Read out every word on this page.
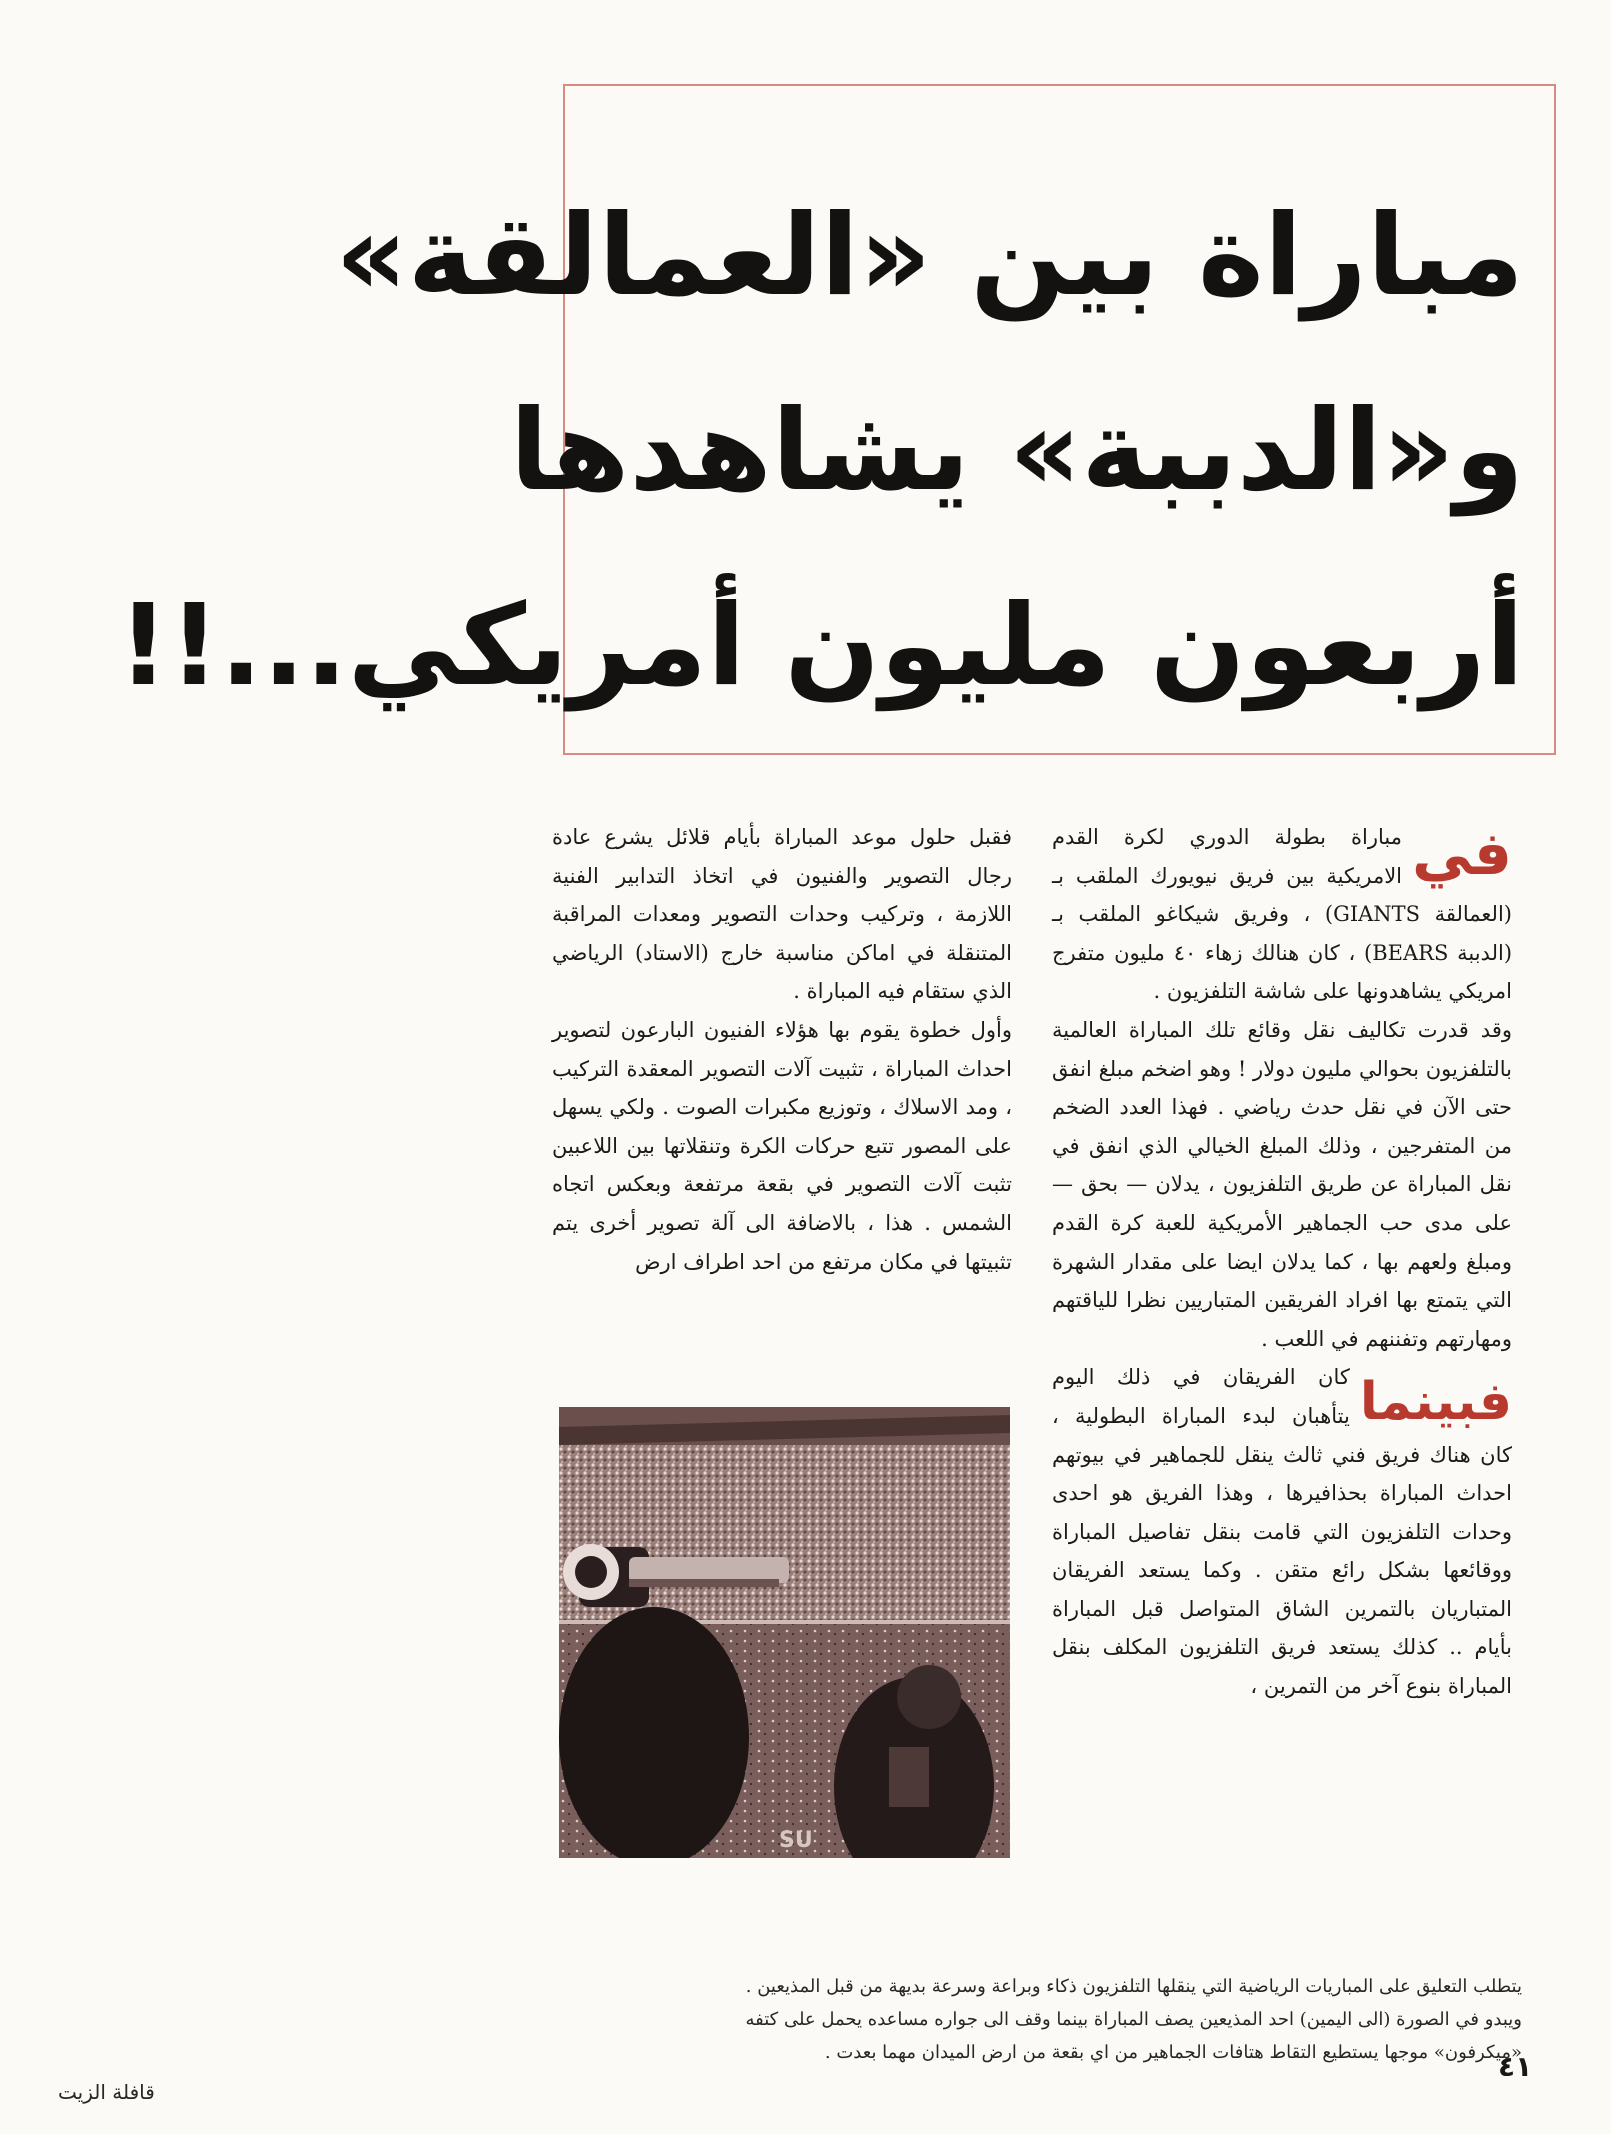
مباراة بين «العمالقة»
و«الدببة» يشاهدها
أربعون مليون أمريكي...!!

في
مباراة بطولة الدوري لكرة القدم الامريكية بين فريق نيويورك الملقب بـ (العمالقة GIANTS) ، وفريق شيكاغو الملقب بـ (الدببة BEARS) ، كان هنالك زهاء ٤٠ مليون متفرج امريكي يشاهدونها على شاشة التلفزيون .

وقد قدرت تكاليف نقل وقائع تلك المباراة العالمية بالتلفزيون بحوالي مليون دولار ! وهو اضخم مبلغ انفق حتى الآن في نقل حدث رياضي . فهذا العدد الضخم من المتفرجين ، وذلك المبلغ الخيالي الذي انفق في نقل المباراة عن طريق التلفزيون ، يدلان — بحق — على مدى حب الجماهير الأمريكية للعبة كرة القدم ومبلغ ولعهم بها ، كما يدلان ايضا على مقدار الشهرة التي يتمتع بها افراد الفريقين المتباريين نظرا للياقتهم ومهارتهم وتفننهم في اللعب .

فبينما
كان الفريقان في ذلك اليوم يتأهبان لبدء المباراة البطولية ، كان هناك فريق فني ثالث ينقل للجماهير في بيوتهم احداث المباراة بحذافيرها ، وهذا الفريق هو احدى وحدات التلفزيون التي قامت بنقل تفاصيل المباراة ووقائعها بشكل رائع متقن . وكما يستعد الفريقان المتباريان بالتمرين الشاق المتواصل قبل المباراة بأيام .. كذلك يستعد فريق التلفزيون المكلف بنقل المباراة بنوع آخر من التمرين ،

فقبل حلول موعد المباراة بأيام قلائل يشرع عادة رجال التصوير والفنيون في اتخاذ التدابير الفنية اللازمة ، وتركيب وحدات التصوير ومعدات المراقبة المتنقلة في اماكن مناسبة خارج (الاستاد) الرياضي الذي ستقام فيه المباراة .

وأول خطوة يقوم بها هؤلاء الفنيون البارعون لتصوير احداث المباراة ، تثبيت آلات التصوير المعقدة التركيب ، ومد الاسلاك ، وتوزيع مكبرات الصوت . ولكي يسهل على المصور تتبع حركات الكرة وتنقلاتها بين اللاعبين تثبت آلات التصوير في بقعة مرتفعة وبعكس اتجاه الشمس . هذا ، بالاضافة الى آلة تصوير أخرى يتم تثبيتها في مكان مرتفع من احد اطراف ارض

SU

يتطلب التعليق على المباريات الرياضية التي ينقلها التلفزيون ذكاء وبراعة وسرعة بديهة من قبل المذيعين .

ويبدو في الصورة (الى اليمين) احد المذيعين يصف المباراة بينما وقف الى جواره مساعده يحمل على كتفه

«ميكرفون» موجها يستطيع التقاط هتافات الجماهير من اي بقعة من ارض الميدان مهما بعدت .

٤١
قافلة الزيت
